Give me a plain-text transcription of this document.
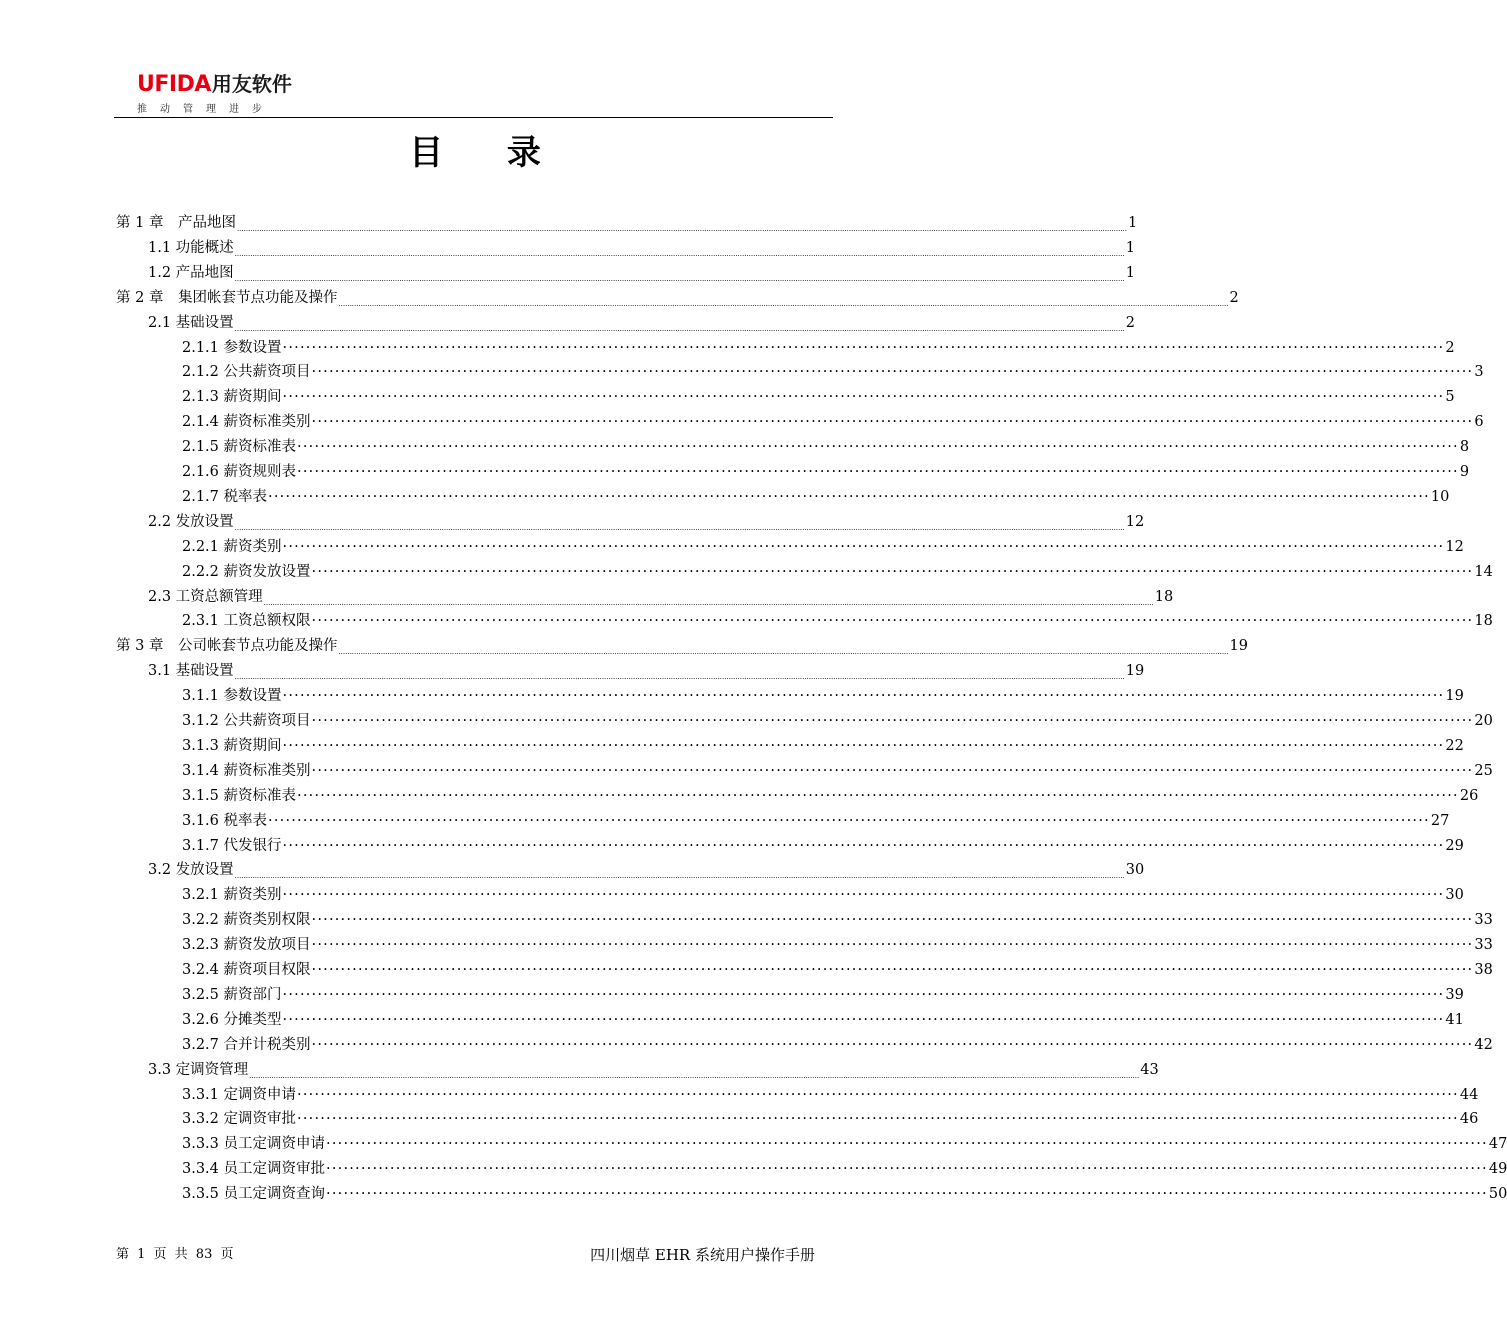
UFIDA 用友软件
推动管理进步
目 录
第 1 章　产品地图 ................................................................................................................................................................................................................................................................................................................................................................................................................ 1
1.1 功能概述 ................................................................................................................................................................................................................................................................................................................................................................................................................ 1
1.2 产品地图 ................................................................................................................................................................................................................................................................................................................................................................................................................ 1
第 2 章　集团帐套节点功能及操作 ................................................................................................................................................................................................................................................................................................................................................................................................................ 2
2.1 基础设置 ................................................................................................................................................................................................................................................................................................................................................................................................................ 2
2.1.1 参数设置 ········································································································································································································ 2
2.1.2 公共薪资项目 ········································································································································································································ 3
2.1.3 薪资期间 ········································································································································································································ 5
2.1.4 薪资标准类别 ········································································································································································································ 6
2.1.5 薪资标准表 ········································································································································································································ 8
2.1.6 薪资规则表 ········································································································································································································ 9
2.1.7 税率表 ········································································································································································································ 10
2.2 发放设置 ................................................................................................................................................................................................................................................................................................................................................................................................................ 12
2.2.1 薪资类别 ········································································································································································································ 12
2.2.2 薪资发放设置 ········································································································································································································ 14
2.3 工资总额管理 ................................................................................................................................................................................................................................................................................................................................................................................................................ 18
2.3.1 工资总额权限 ········································································································································································································ 18
第 3 章　公司帐套节点功能及操作 ................................................................................................................................................................................................................................................................................................................................................................................................................ 19
3.1 基础设置 ................................................................................................................................................................................................................................................................................................................................................................................................................ 19
3.1.1 参数设置 ········································································································································································································ 19
3.1.2 公共薪资项目 ········································································································································································································ 20
3.1.3 薪资期间 ········································································································································································································ 22
3.1.4 薪资标准类别 ········································································································································································································ 25
3.1.5 薪资标准表 ········································································································································································································ 26
3.1.6 税率表 ········································································································································································································ 27
3.1.7 代发银行 ········································································································································································································ 29
3.2 发放设置 ................................................................................................................................................................................................................................................................................................................................................................................................................ 30
3.2.1 薪资类别 ········································································································································································································ 30
3.2.2 薪资类别权限 ········································································································································································································ 33
3.2.3 薪资发放项目 ········································································································································································································ 33
3.2.4 薪资项目权限 ········································································································································································································ 38
3.2.5 薪资部门 ········································································································································································································ 39
3.2.6 分摊类型 ········································································································································································································ 41
3.2.7 合并计税类别 ········································································································································································································ 42
3.3 定调资管理 ................................................................................................................................................................................................................................................................................................................................................................................................................ 43
3.3.1 定调资申请 ········································································································································································································ 44
3.3.2 定调资审批 ········································································································································································································ 46
3.3.3 员工定调资申请 ········································································································································································································ 47
3.3.4 员工定调资审批 ········································································································································································································ 49
3.3.5 员工定调资查询 ········································································································································································································ 50
第 1 页 共 83 页	四川烟草 EHR 系统用户操作手册
